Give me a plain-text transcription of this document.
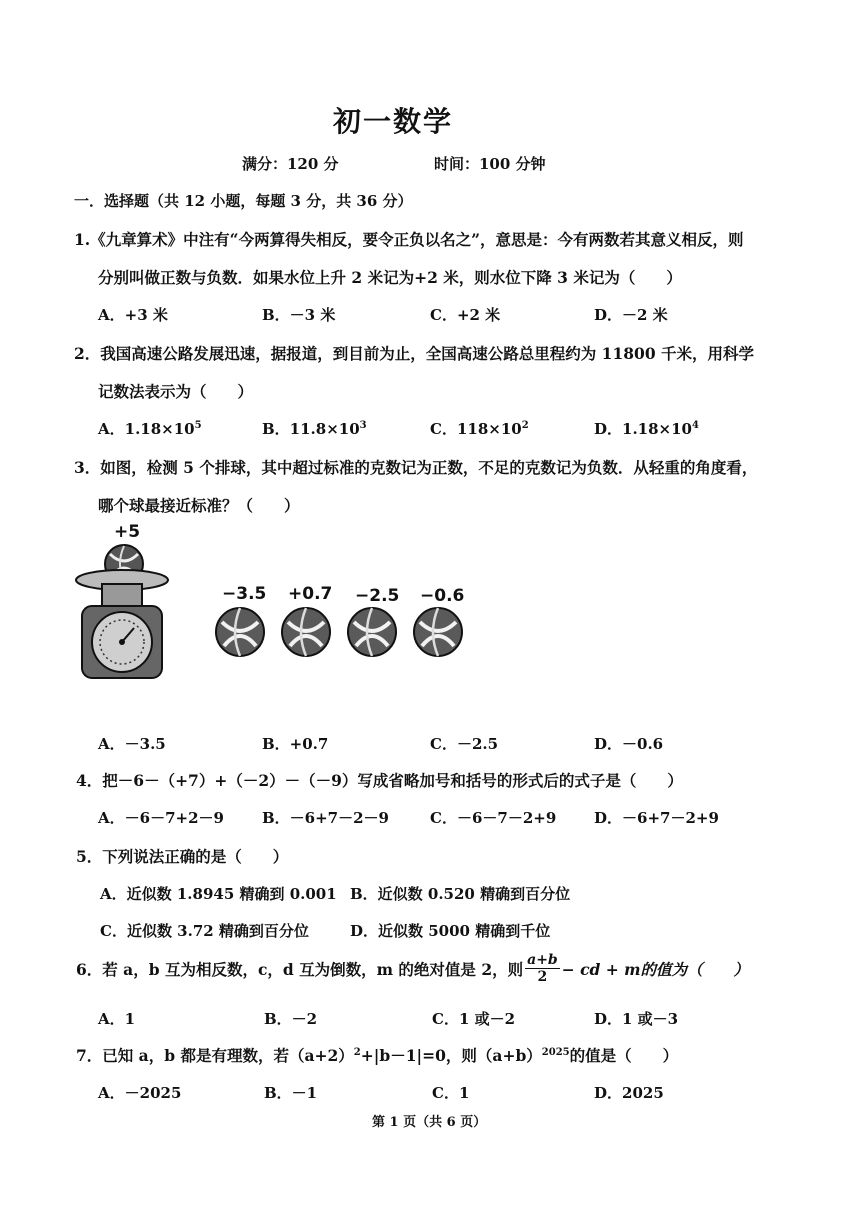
初一数学
满分：120 分	时间：100 分钟
一．选择题（共 12 小题，每题 3 分，共 36 分）
1.《九章算术》中注有“今两算得失相反，要令正负以名之”，意思是：今有两数若其意义相反，则
分别叫做正数与负数．如果水位上升 2 米记为+2 米，则水位下降 3 米记为（　　）
A．+3 米	B．－3 米	C．+2 米	D．－2 米
2．我国高速公路发展迅速，据报道，到目前为止，全国高速公路总里程约为 11800 千米，用科学
记数法表示为（　　）
A．$1.18\times 10^5$	B．$11.8\times 10^3$	C．$118\times 10^2$	D．$1.18\times 10^4$
3．如图，检测 5 个排球，其中超过标准的克数记为正数，不足的克数记为负数．从轻重的角度看，
哪个球最接近标准？（　　）
+5
−3.5 +0.7 −2.5 −0.6
A．－3.5	B．+0.7	C．－2.5	D．－0.6
4．把－6－（+7）+（－2）－（－9）写成省略加号和括号的形式后的式子是（　　）
A．－6－7+2－9	B．－6+7－2－9	C．－6－7－2+9	D．－6+7－2+9
5．下列说法正确的是（　　）
A．近似数 1.8945 精确到 0.001 B．近似数 0.520 精确到百分位
C．近似数 3.72 精确到百分位	D．近似数 5000 精确到千位
6．若 a，b 互为相反数，c，d 互为倒数，m 的绝对值是 2，则 $\frac{a+b}{2}$ − cd + m的值为（　　）
A．1	B．－2	C．1 或－2	D．1 或－3
7．已知 a，b 都是有理数，若$(a+2)^2+|b-1|=0$，则$(a+b)^{2025}$的值是（　　）
A．－2025	B．－1	C．1	D．2025
第 1 页（共 6 页）
